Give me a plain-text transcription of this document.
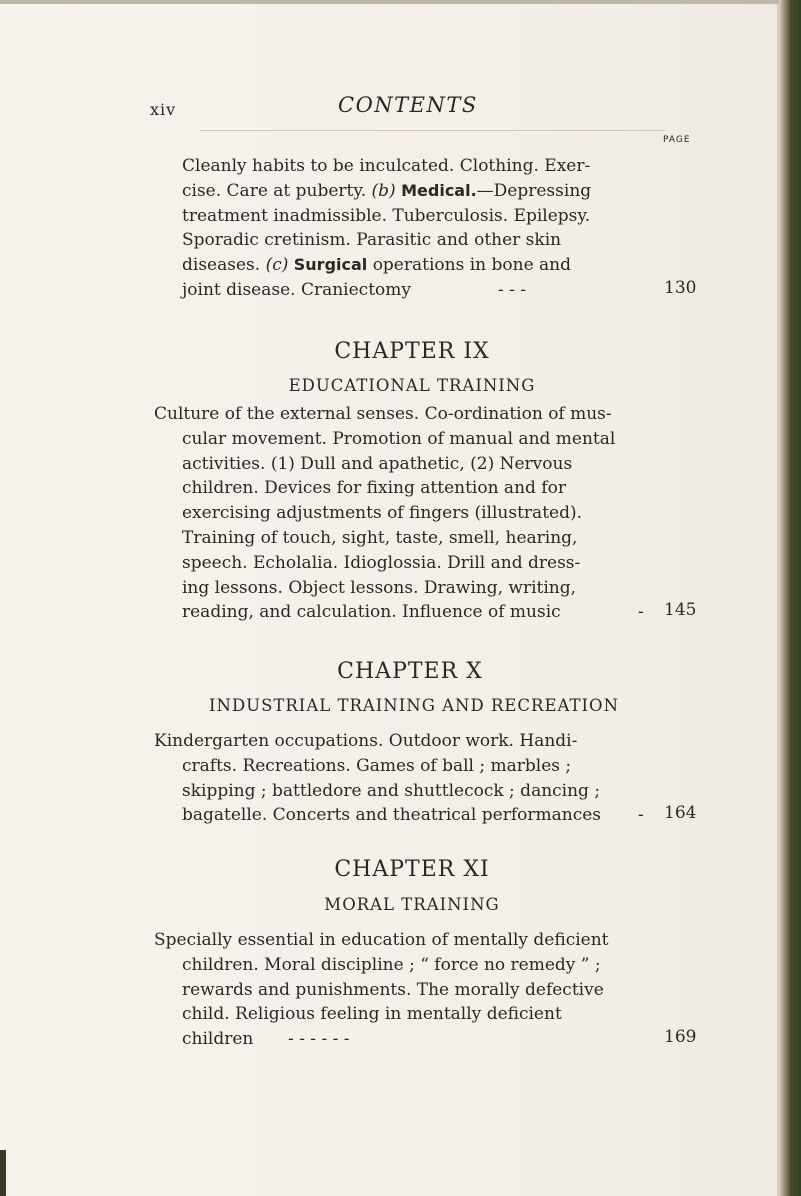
xiv	CONTENTS
PAGE
Cleanly habits to be inculcated. Clothing. Exer-
cise. Care at puberty. (b) Medical.—Depressing
treatment inadmissible. Tuberculosis. Epilepsy.
Sporadic cretinism. Parasitic and other skin
diseases. (c) Surgical operations in bone and
joint disease. Craniectomy	- - -	130
CHAPTER IX
EDUCATIONAL TRAINING
Culture of the external senses. Co-ordination of mus-
cular movement. Promotion of manual and mental
activities. (1) Dull and apathetic, (2) Nervous
children. Devices for fixing attention and for
exercising adjustments of fingers (illustrated).
Training of touch, sight, taste, smell, hearing,
speech. Echolalia. Idioglossia. Drill and dress-
ing lessons. Object lessons. Drawing, writing,
reading, and calculation. Influence of music	- 145
CHAPTER X
INDUSTRIAL TRAINING AND RECREATION
Kindergarten occupations. Outdoor work. Handi-
crafts. Recreations. Games of ball ; marbles ;
skipping ; battledore and shuttlecock ; dancing ;
bagatelle. Concerts and theatrical performances - 164
CHAPTER XI
MORAL TRAINING
Specially essential in education of mentally deficient
children. Moral discipline ; “ force no remedy ” ;
rewards and punishments. The morally defective
child. Religious feeling in mentally deficient
children - - - - - -	169
